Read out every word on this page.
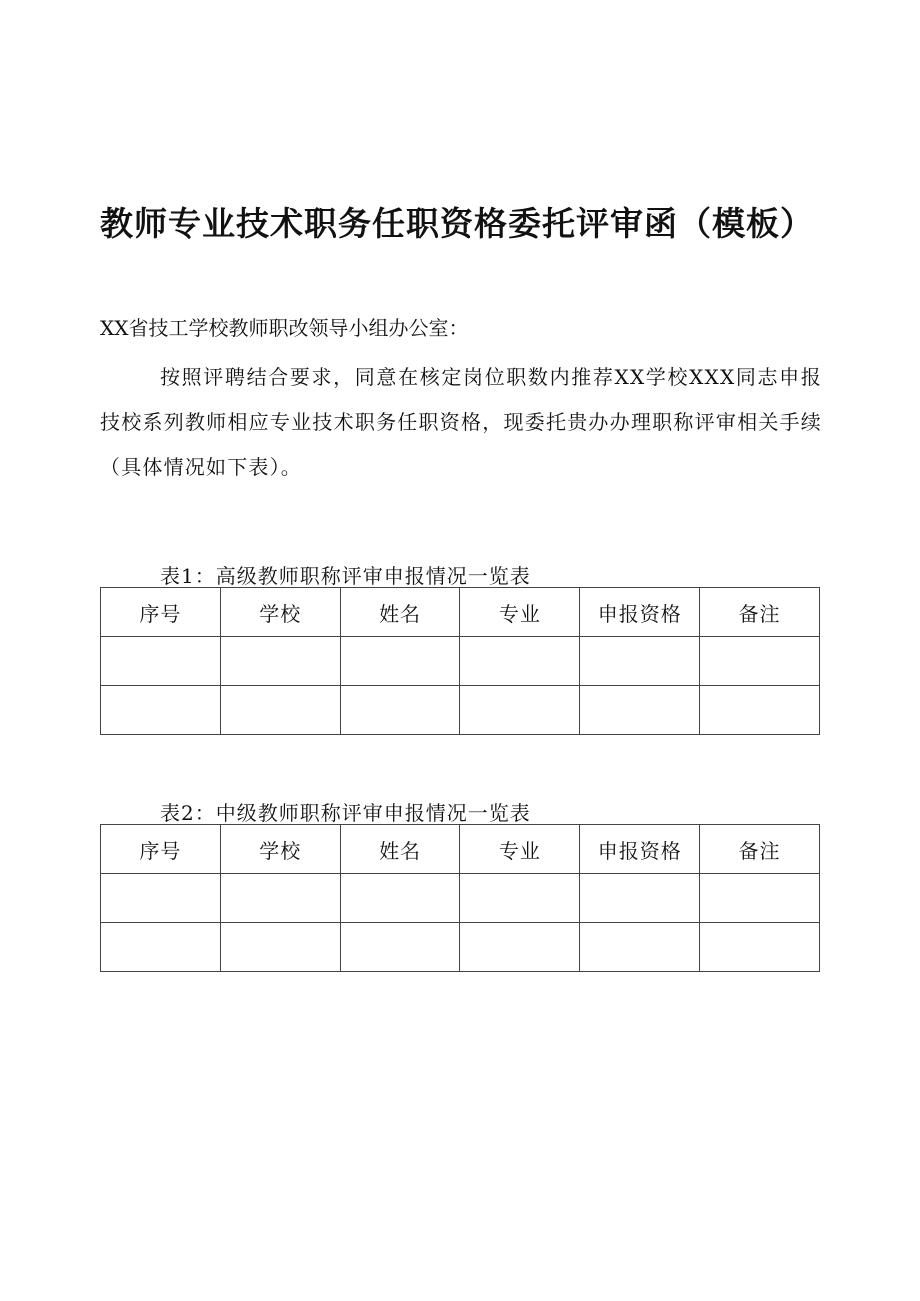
教师专业技术职务任职资格委托评审函（模板）
XX省技工学校教师职改领导小组办公室：
按照评聘结合要求，同意在核定岗位职数内推荐XX学校XXX同志申报技校系列教师相应专业技术职务任职资格，现委托贵办办理职称评审相关手续（具体情况如下表）。
表1：高级教师职称评审申报情况一览表
序号	学校	姓名	专业	申报资格	备注

表2：中级教师职称评审申报情况一览表
序号	学校	姓名	专业	申报资格	备注
